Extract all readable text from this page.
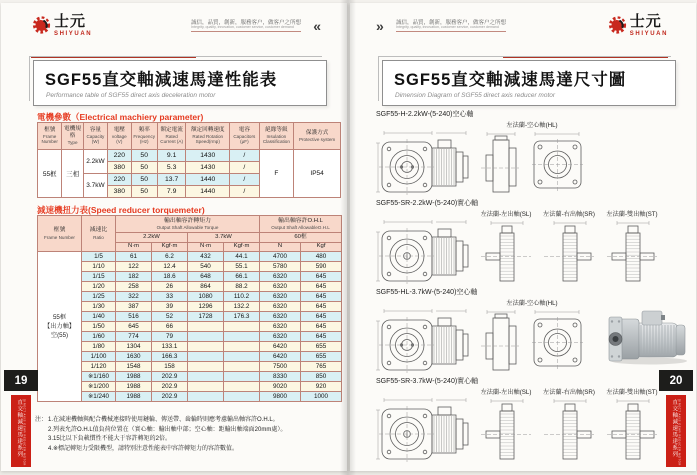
士元
SHIYUAN
誠信，品質，創新，服務客户，做客户之所想
Integrity, quality, innovation, customer service, customer demand	«
SGF55直交軸減速馬達性能表
Performance table of SGF55 direct axis deceleration motor
電機參數（Electrical machiery parameter)
框號
Frame Number

電機規格
Type

容量
Capacity (W)

電壓
voltage (V)

頻率
Frequency (Hz)

額定電流
Rated Current (A)

額定回轉速度
Rated Rotation Speed(rmp)

電容
Capacitors (μF)

絕緣等級
Insulation Classification

保護方式
Protective system

55框	三相	2.2kW	220	50	9.1	1430	/	F	IP54
			380	50	5.3	1430	/		
		3.7kW	220	50	13.7	1440	/		
			380	50	7.9	1440	/		
減速機扭力表(Speed reducer torquemeter)
框號
Frame Number

減速比
Ratio

輸出軸容許轉矩力
Output Shaft Allowable Torque

輸出軸容許O.H.L
Output Shaft AllowableO.H.L

		2.2kW		3.7kW		60框	

		N·m	Kgf·m	N·m	Kgf·m	N	Kgf

55框
【出力軸】
空(55)	1/5	61	6.2	432	44.1	4700	480
	1/10	122	12.4	540	55.1	5780	590
	1/15	182	18.6	648	66.1	6320	645
	1/20	258	26	864	88.2	6320	645
	1/25	322	33	1080	110.2	6320	645
	1/30	387	39	1296	132.2	6320	645
	1/40	516	52	1728	176.3	6320	645
	1/50	645	66			6320	645
	1/60	774	79			6320	645
	1/80	1304	133.1			6420	655
	1/100	1630	166.3			6420	655
	1/120	1548	158			7500	765
	※1/160	1988	202.9			8330	850
	※1/200	1988	202.9			9020	920
	※1/240	1988	202.9			9800	1000
注： 1.在減速機軸與配合機械連接時使用鏈輪、傳送帶、齒輪時則應考慮輸出軸容許O.H.L。
2.列表允許O.H.L值負荷位置在（實心軸：輸出軸中部；空心軸：距輸出軸端面20mm處）。
3.15比以下負載慣性不能大于容許轉矩的2倍。
4.※標記轉矩力受限機型，請特別注意性能表中容許轉矩力的容許數值。
19
直交軸減速馬達系列 DIRECT AXIS GEAR REDUCER MOTOR
» 誠信，品質，創新，服務客户，做客户之所想
Integrity, quality, innovation, customer service, customer demand	士元
SHIYUAN
SGF55直交軸減速馬達尺寸圖
Dimension Diagram of SGF55 direct axis reducer motor
SGF55-H-2.2kW-(5-240)空心軸
左法蘭-空心軸(HL)
SGF55-SR-2.2kW-(5-240)實心軸
左法蘭-左出軸(SL) 左法蘭-右出軸(SR) 左法蘭-雙出軸(ST)
SGF55-HL-3.7kW-(5-240)空心軸
左法蘭-空心軸(HL)
SGF55-SR-3.7kW-(5-240)實心軸
左法蘭-左出軸(SL) 左法蘭-右出軸(SR) 左法蘭-雙出軸(ST)
20
直交軸減速馬達系列 DIRECT AXIS GEAR REDUCER MOTOR
